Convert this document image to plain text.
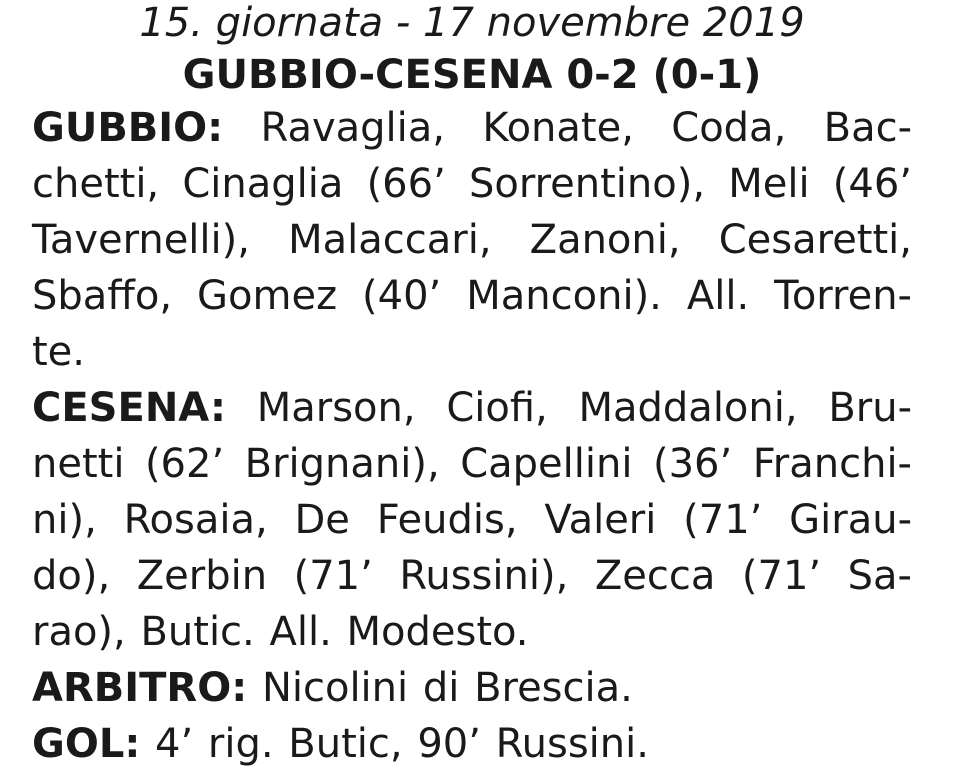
15. giornata - 17 novembre 2019
GUBBIO-CESENA 0-2 (0-1)
GUBBIO: Ravaglia, Konate, Coda, Bac-
chetti, Cinaglia (66’ Sorrentino), Meli (46’
Tavernelli), Malaccari, Zanoni, Cesaretti,
Sbaffo, Gomez (40’ Manconi). All. Torren-
te.
CESENA: Marson, Ciofi, Maddaloni, Bru-
netti (62’ Brignani), Capellini (36’ Franchi-
ni), Rosaia, De Feudis, Valeri (71’ Girau-
do), Zerbin (71’ Russini), Zecca (71’ Sa-
rao), Butic. All. Modesto.
ARBITRO: Nicolini di Brescia.
GOL: 4’ rig. Butic, 90’ Russini.
